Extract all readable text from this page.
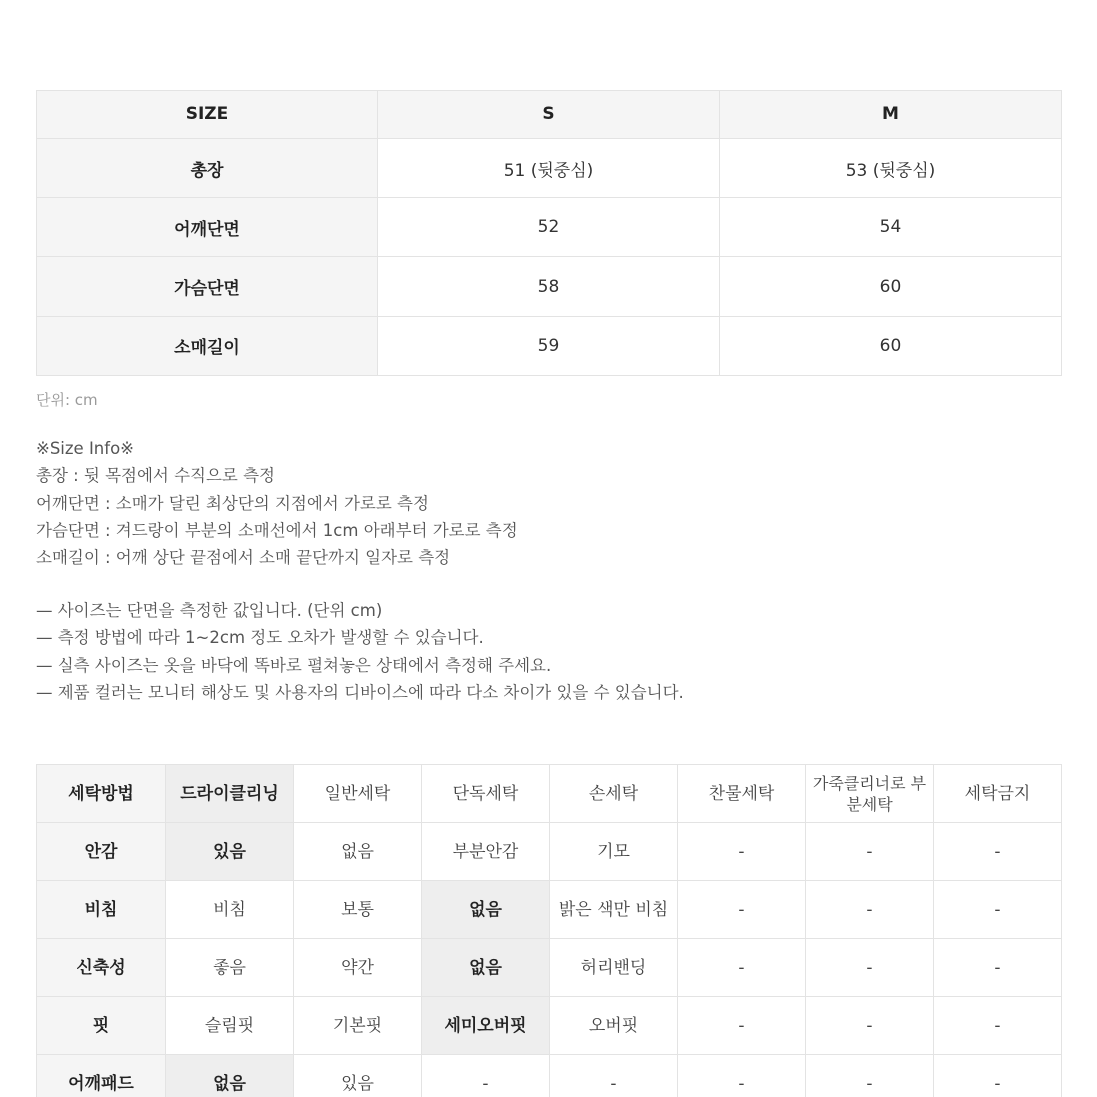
SIZE	S	M
총장	51 (뒷중심)	53 (뒷중심)
어깨단면	52	54
가슴단면	58	60
소매길이	59	60
단위: cm
※Size Info※
총장 : 뒷 목점에서 수직으로 측정
어깨단면 : 소매가 달린 최상단의 지점에서 가로로 측정
가슴단면 : 겨드랑이 부분의 소매선에서 1cm 아래부터 가로로 측정
소매길이 : 어깨 상단 끝점에서 소매 끝단까지 일자로 측정
— 사이즈는 단면을 측정한 값입니다. (단위 cm)
— 측정 방법에 따라 1~2cm 정도 오차가 발생할 수 있습니다.
— 실측 사이즈는 옷을 바닥에 똑바로 펼쳐놓은 상태에서 측정해 주세요.
— 제품 컬러는 모니터 해상도 및 사용자의 디바이스에 따라 다소 차이가 있을 수 있습니다.
세탁방법	드라이클리닝	일반세탁	단독세탁	손세탁	찬물세탁	가죽클리너로 부분세탁	세탁금지
안감	있음	없음	부분안감	기모	-	-	-
비침	비침	보통	없음	밝은 색만 비침	-	-	-
신축성	좋음	약간	없음	허리밴딩	-	-	-
핏	슬림핏	기본핏	세미오버핏	오버핏	-	-	-
어깨패드	없음	있음	-	-	-	-	-
